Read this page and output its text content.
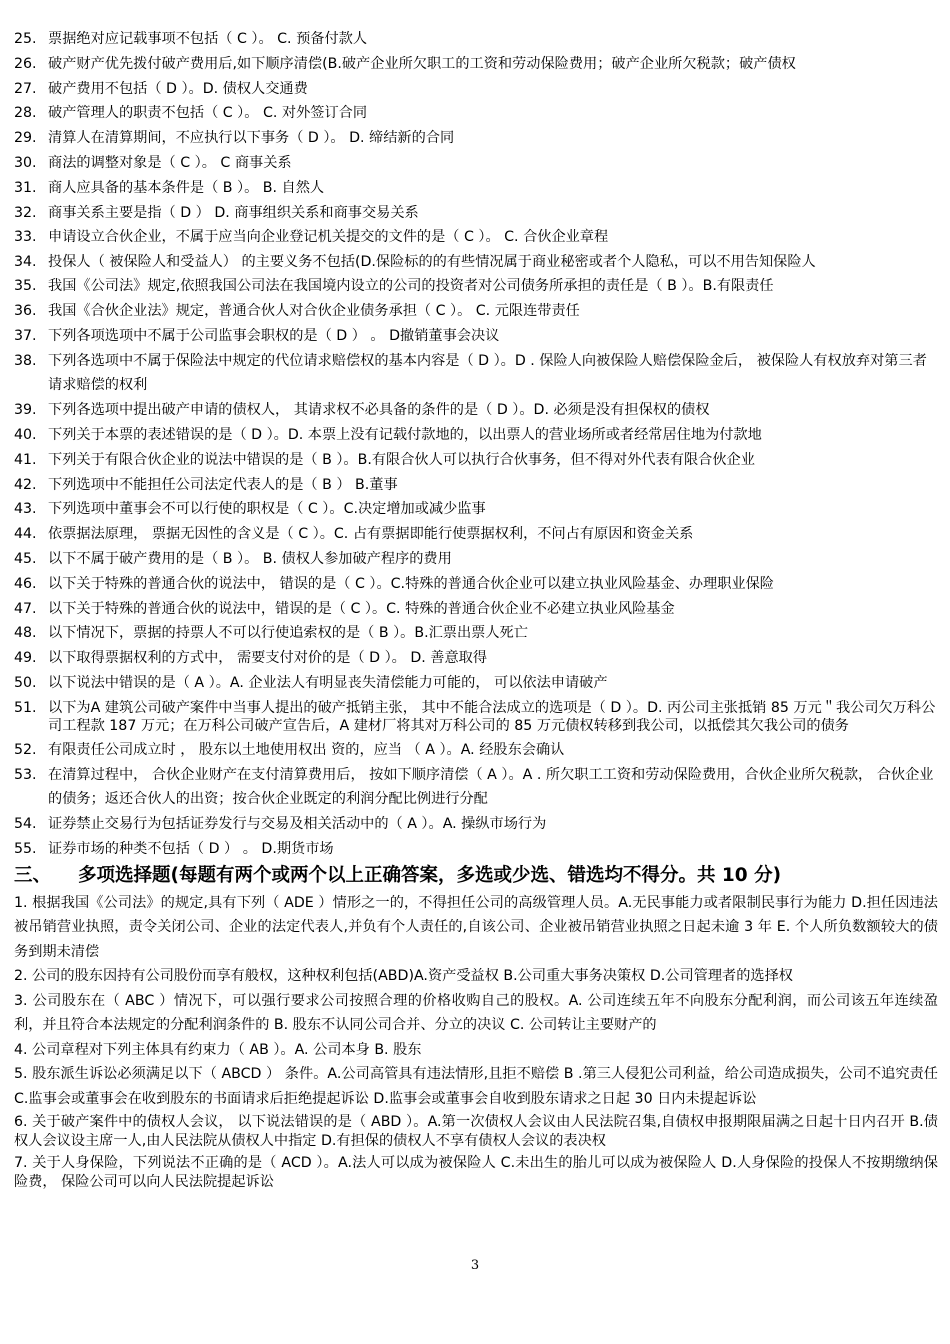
25. 票据绝对应记载事项不包括（ C ）。 C. 预备付款人
26. 破产财产优先拨付破产费用后,如下顺序清偿(B.破产企业所欠职工的工资和劳动保险费用；破产企业所欠税款；破产债权
27. 破产费用不包括（ D ）。D. 债权人交通费
28. 破产管理人的职责不包括（ C ）。 C. 对外签订合同
29. 清算人在清算期间，不应执行以下事务（ D ）。 D. 缔结新的合同
30. 商法的调整对象是（ C ）。 C 商事关系
31. 商人应具备的基本条件是（ B ）。 B. 自然人
32. 商事关系主要是指（ D ） D. 商事组织关系和商事交易关系
33. 申请设立合伙企业，不属于应当向企业登记机关提交的文件的是（ C ）。 C. 合伙企业章程
34. 投保人（ 被保险人和受益人） 的主要义务不包括(D.保险标的的有些情况属于商业秘密或者个人隐私，可以不用告知保险人
35. 我国《公司法》规定,依照我国公司法在我国境内设立的公司的投资者对公司债务所承担的责任是（ B ）。B.有限责任
36. 我国《合伙企业法》规定，普通合伙人对合伙企业债务承担（ C ）。 C. 元限连带责任
37. 下列各项选项中不属于公司监事会职权的是（ D ） 。 D撤销董事会决议
38. 下列各选项中不属于保险法中规定的代位请求赔偿权的基本内容是（ D ）。D . 保险人向被保险人赔偿保险金后， 被保险人有权放弃对第三者请求赔偿的权利
39. 下列各选项中提出破产申请的债权人， 其请求权不必具备的条件的是（ D ）。D. 必须是没有担保权的债权
40. 下列关于本票的表述错误的是（ D ）。D. 本票上没有记载付款地的，以出票人的营业场所或者经常居住地为付款地
41. 下列关于有限合伙企业的说法中错误的是（ B ）。B.有限合伙人可以执行合伙事务，但不得对外代表有限合伙企业
42. 下列选项中不能担任公司法定代表人的是（ B ） B.董事
43. 下列选项中董事会不可以行使的职权是（ C ）。C.决定增加或减少监事
44. 依票据法原理， 票据无因性的含义是（ C ）。C. 占有票据即能行使票据权利，不问占有原因和资金关系
45. 以下不属于破产费用的是（ B ）。 B. 债权人参加破产程序的费用
46. 以下关于特殊的普通合伙的说法中， 错误的是（ C ）。C.特殊的普通合伙企业可以建立执业风险基金、办理职业保险
47. 以下关于特殊的普通合伙的说法中，错误的是（ C ）。C. 特殊的普通合伙企业不必建立执业风险基金
48. 以下情况下，票据的持票人不可以行使追索权的是（ B ）。B.汇票出票人死亡
49. 以下取得票据权利的方式中， 需要支付对价的是（ D ）。 D. 善意取得
50. 以下说法中错误的是（ A ）。A. 企业法人有明显丧失清偿能力可能的， 可以依法申请破产
51. 以下为A 建筑公司破产案件中当事人提出的破产抵销主张， 其中不能合法成立的选项是（ D ）。D. 丙公司主张抵销 85 万元＂我公司欠万科公司工程款 187 万元；在万科公司破产宣告后，A 建材厂将其对万科公司的 85 万元债权转移到我公司，以抵偿其欠我公司的债务
52. 有限责任公司成立时 ， 股东以土地使用权出 资的，应当 （ A ）。A. 经股东会确认
53. 在清算过程中， 合伙企业财产在支付清算费用后， 按如下顺序清偿（ A ）。A . 所欠职工工资和劳动保险费用，合伙企业所欠税款， 合伙企业的债务；返还合伙人的出资；按合伙企业既定的利润分配比例进行分配
54. 证券禁止交易行为包括证券发行与交易及相关活动中的（ A ）。A. 操纵市场行为
55. 证券市场的种类不包括（ D ） 。 D.期货市场
三、 多项选择题(每题有两个或两个以上正确答案，多选或少选、错选均不得分。共 10 分)
1. 根据我国《公司法》的规定,具有下列（ ADE ）情形之一的，不得担任公司的高级管理人员。A.无民事能力或者限制民事行为能力 D.担任因违法被吊销营业执照，责令关闭公司、企业的法定代表人,并负有个人责任的,自该公司、企业被吊销营业执照之日起未逾 3 年 E. 个人所负数额较大的债务到期未清偿
2. 公司的股东因持有公司股份而享有般权，这种权利包括(ABD)A.资产受益权 B.公司重大事务决策权 D.公司管理者的选择权
3. 公司股东在（ ABC ）情况下，可以强行要求公司按照合理的价格收购自己的股权。A. 公司连续五年不向股东分配利润，而公司该五年连续盈利，并且符合本法规定的分配利润条件的 B. 股东不认同公司合并、分立的决议 C. 公司转让主要财产的
4. 公司章程对下列主体具有约束力（ AB ）。A. 公司本身 B. 股东
5. 股东派生诉讼必须满足以下（ ABCD ） 条件。A.公司高管具有违法情形,且拒不赔偿 B .第三人侵犯公司利益，给公司造成损失，公司不追究责任 C.监事会或董事会在收到股东的书面请求后拒绝提起诉讼 D.监事会或董事会自收到股东请求之日起 30 日内未提起诉讼
6. 关于破产案件中的债权人会议， 以下说法错误的是（ ABD ）。A.第一次债权人会议由人民法院召集,自债权申报期限届满之日起十日内召开 B.债权人会议设主席一人,由人民法院从债权人中指定 D.有担保的债权人不享有债权人会议的表决权
7. 关于人身保险，下列说法不正确的是（ ACD ）。A.法人可以成为被保险人 C.未出生的胎儿可以成为被保险人 D.人身保险的投保人不按期缴纳保险费， 保险公司可以向人民法院提起诉讼
3
